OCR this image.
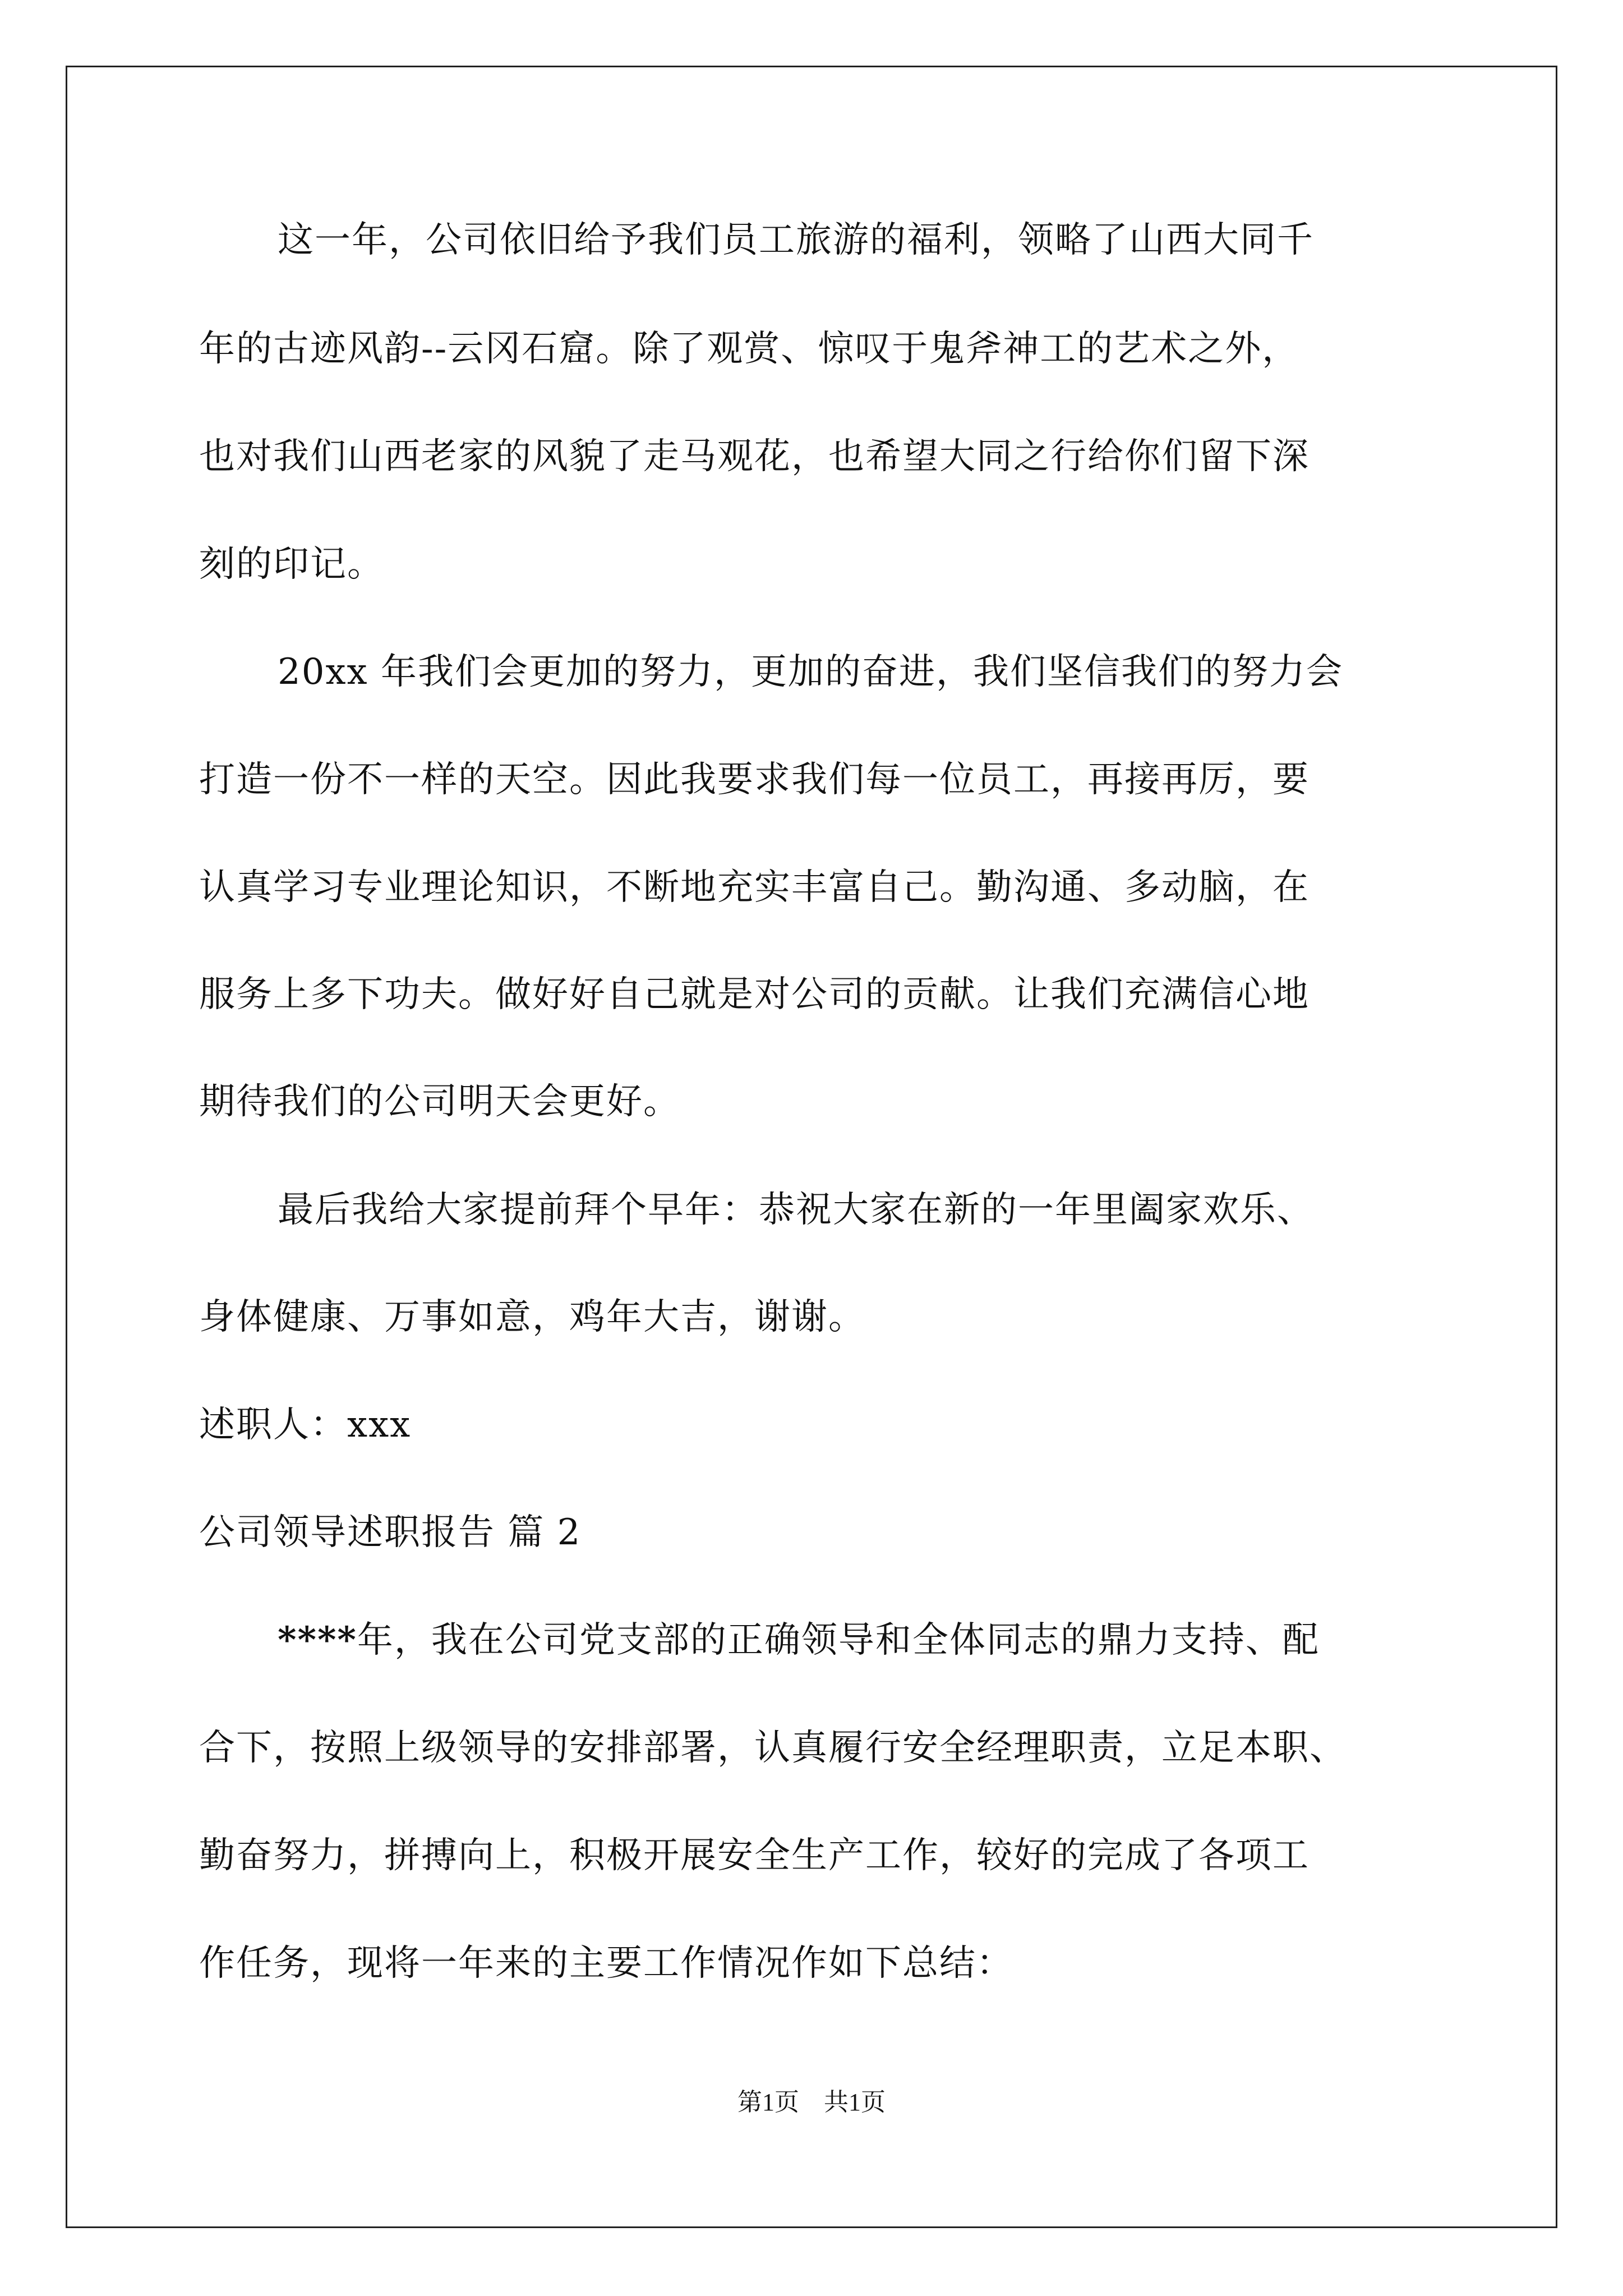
这一年，公司依旧给予我们员工旅游的福利，领略了山西大同千

年的古迹风韵--云冈石窟。除了观赏、惊叹于鬼斧神工的艺术之外，

也对我们山西老家的风貌了走马观花，也希望大同之行给你们留下深

刻的印记。

20xx 年我们会更加的努力，更加的奋进，我们坚信我们的努力会

打造一份不一样的天空。因此我要求我们每一位员工，再接再厉，要

认真学习专业理论知识，不断地充实丰富自己。勤沟通、多动脑，在

服务上多下功夫。做好好自己就是对公司的贡献。让我们充满信心地

期待我们的公司明天会更好。

最后我给大家提前拜个早年：恭祝大家在新的一年里阖家欢乐、

身体健康、万事如意，鸡年大吉，谢谢。

述职人：xxx

公司领导述职报告 篇 2

****年，我在公司党支部的正确领导和全体同志的鼎力支持、配

合下，按照上级领导的安排部署，认真履行安全经理职责，立足本职、

勤奋努力，拼搏向上，积极开展安全生产工作，较好的完成了各项工

作任务，现将一年来的主要工作情况作如下总结：

第1页　共1页
